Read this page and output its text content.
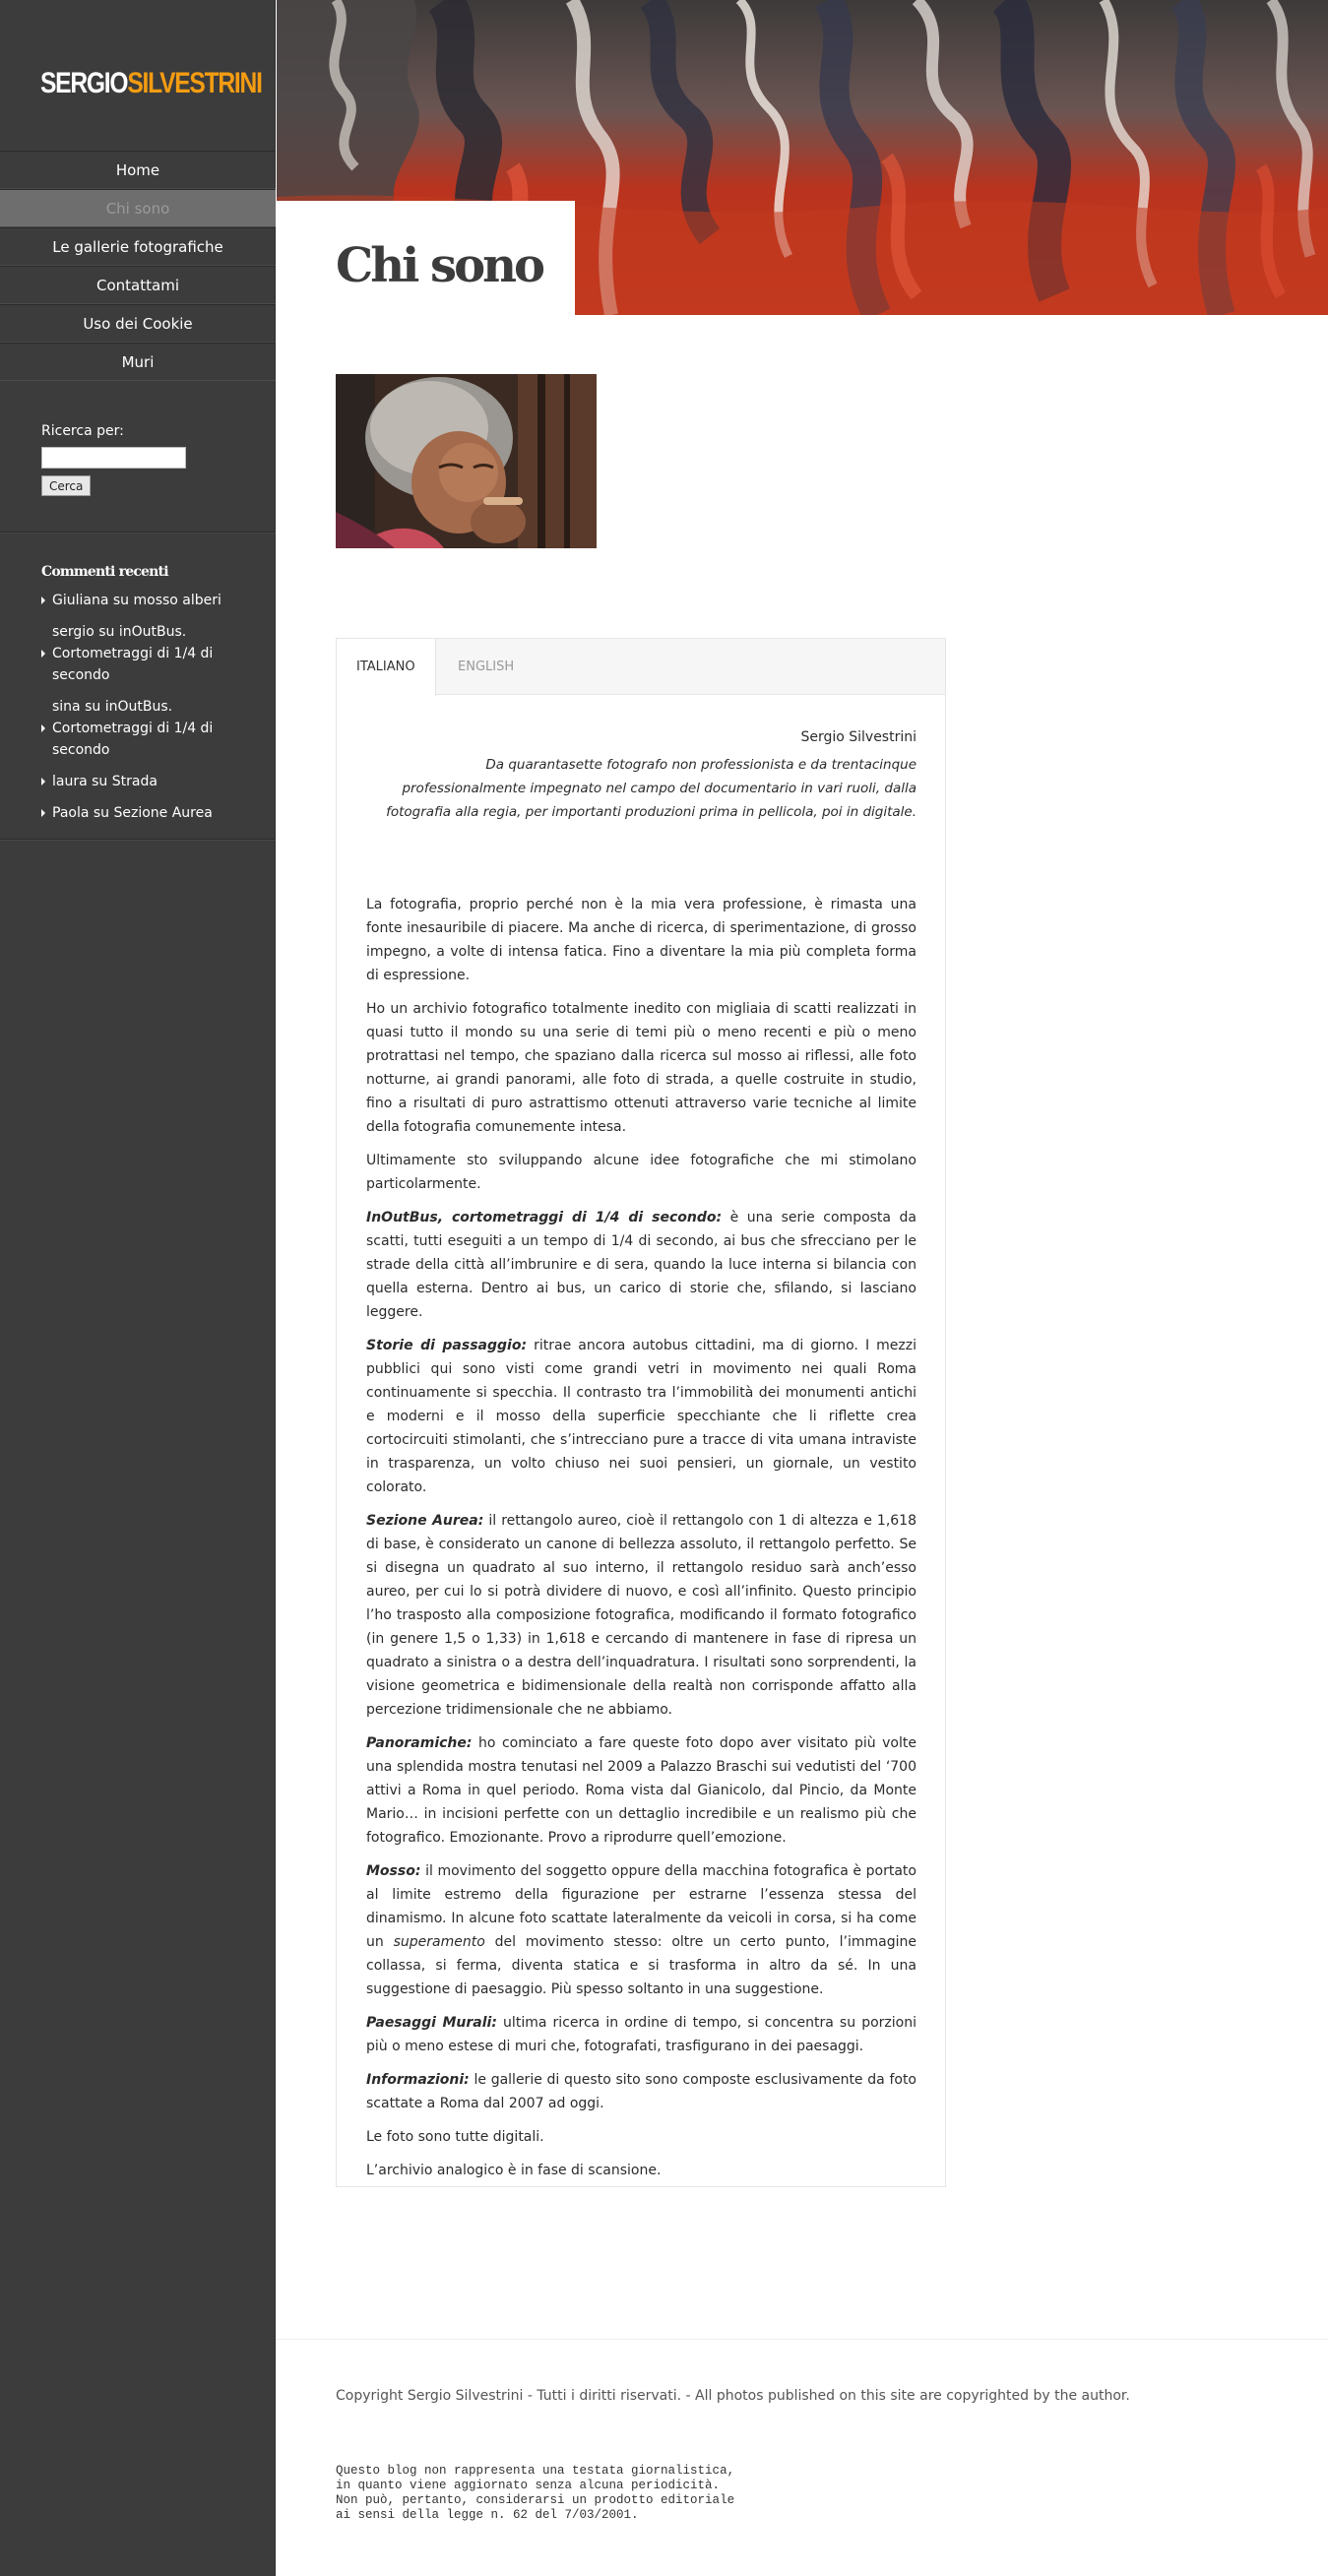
SERGIOSILVESTRINI
Home
Chi sono
Le gallerie fotografiche
Contattami
Uso dei Cookie
Muri
Ricerca per:
Cerca
Commenti recenti
Giuliana su mosso alberi
sergio su inOutBus. Cortometraggi di 1/4 di secondo
sina su inOutBus. Cortometraggi di 1/4 di secondo
laura su Strada
Paola su Sezione Aurea
Chi sono
ITALIANO	ENGLISH
Sergio Silvestrini
Da quarantasette fotografo non professionista e da trentacinque professionalmente impegnato nel campo del documentario in vari ruoli, dalla fotografia alla regia, per importanti produzioni prima in pellicola, poi in digitale.

La fotografia, proprio perché non è la mia vera professione, è rimasta una fonte inesauribile di piacere. Ma anche di ricerca, di sperimentazione, di grosso impegno, a volte di intensa fatica. Fino a diventare la mia più completa forma di espressione.

Ho un archivio fotografico totalmente inedito con migliaia di scatti realizzati in quasi tutto il mondo su una serie di temi più o meno recenti e più o meno protrattasi nel tempo, che spaziano dalla ricerca sul mosso ai riflessi, alle foto notturne, ai grandi panorami, alle foto di strada, a quelle costruite in studio, fino a risultati di puro astrattismo ottenuti attraverso varie tecniche al limite della fotografia comunemente intesa.

Ultimamente sto sviluppando alcune idee fotografiche che mi stimolano particolarmente.

InOutBus, cortometraggi di 1/4 di secondo: è una serie composta da scatti, tutti eseguiti a un tempo di 1/4 di secondo, ai bus che sfrecciano per le strade della città all’imbrunire e di sera, quando la luce interna si bilancia con quella esterna. Dentro ai bus, un carico di storie che, sfilando, si lasciano leggere.

Storie di passaggio: ritrae ancora autobus cittadini, ma di giorno. I mezzi pubblici qui sono visti come grandi vetri in movimento nei quali Roma continuamente si specchia. Il contrasto tra l’immobilità dei monumenti antichi e moderni e il mosso della superficie specchiante che li riflette crea cortocircuiti stimolanti, che s’intrecciano pure a tracce di vita umana intraviste in trasparenza, un volto chiuso nei suoi pensieri, un giornale, un vestito colorato.

Sezione Aurea: il rettangolo aureo, cioè il rettangolo con 1 di altezza e 1,618 di base, è considerato un canone di bellezza assoluto, il rettangolo perfetto. Se si disegna un quadrato al suo interno, il rettangolo residuo sarà anch’esso aureo, per cui lo si potrà dividere di nuovo, e così all’infinito. Questo principio l’ho trasposto alla composizione fotografica, modificando il formato fotografico (in genere 1,5 o 1,33) in 1,618 e cercando di mantenere in fase di ripresa un quadrato a sinistra o a destra dell’inquadratura. I risultati sono sorprendenti, la visione geometrica e bidimensionale della realtà non corrisponde affatto alla percezione tridimensionale che ne abbiamo.

Panoramiche: ho cominciato a fare queste foto dopo aver visitato più volte una splendida mostra tenutasi nel 2009 a Palazzo Braschi sui vedutisti del ‘700 attivi a Roma in quel periodo. Roma vista dal Gianicolo, dal Pincio, da Monte Mario… in incisioni perfette con un dettaglio incredibile e un realismo più che fotografico. Emozionante. Provo a riprodurre quell’emozione.

Mosso: il movimento del soggetto oppure della macchina fotografica è portato al limite estremo della figurazione per estrarne l’essenza stessa del dinamismo. In alcune foto scattate lateralmente da veicoli in corsa, si ha come un superamento del movimento stesso: oltre un certo punto, l’immagine collassa, si ferma, diventa statica e si trasforma in altro da sé. In una suggestione di paesaggio. Più spesso soltanto in una suggestione.

Paesaggi Murali: ultima ricerca in ordine di tempo, si concentra su porzioni più o meno estese di muri che, fotografati, trasfigurano in dei paesaggi.

Informazioni: le gallerie di questo sito sono composte esclusivamente da foto scattate a Roma dal 2007 ad oggi.

Le foto sono tutte digitali.

L’archivio analogico è in fase di scansione.

Copyright Sergio Silvestrini - Tutti i diritti riservati. - All photos published on this site are copyrighted by the author.
Questo blog non rappresenta una testata giornalistica,
in quanto viene aggiornato senza alcuna periodicità.
Non può, pertanto, considerarsi un prodotto editoriale
ai sensi della legge n. 62 del 7/03/2001.
